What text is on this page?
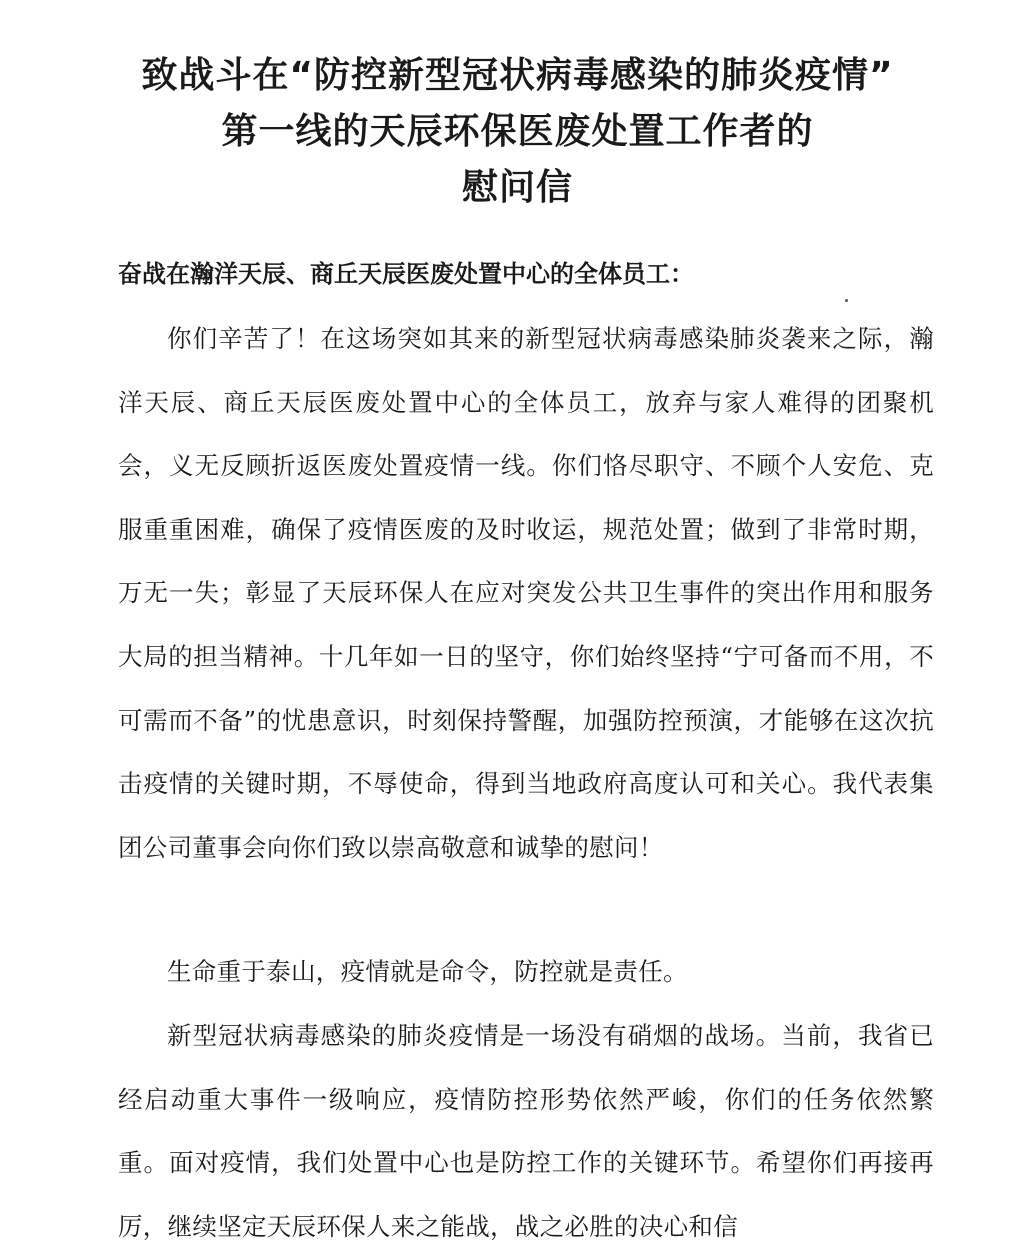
致战斗在“防控新型冠状病毒感染的肺炎疫情”
第一线的天辰环保医废处置工作者的
慰问信
奋战在瀚洋天辰、商丘天辰医废处置中心的全体员工：

你们辛苦了！在这场突如其来的新型冠状病毒感染肺炎袭来之际，瀚洋天辰、商丘天辰医废处置中心的全体员工，放弃与家人难得的团聚机会，义无反顾折返医废处置疫情一线。你们恪尽职守、不顾个人安危、克服重重困难，确保了疫情医废的及时收运，规范处置；做到了非常时期，万无一失；彰显了天辰环保人在应对突发公共卫生事件的突出作用和服务大局的担当精神。十几年如一日的坚守，你们始终坚持“宁可备而不用，不可需而不备”的忧患意识，时刻保持警醒，加强防控预演，才能够在这次抗击疫情的关键时期，不辱使命，得到当地政府高度认可和关心。我代表集团公司董事会向你们致以崇高敬意和诚挚的慰问！

生命重于泰山，疫情就是命令，防控就是责任。

新型冠状病毒感染的肺炎疫情是一场没有硝烟的战场。当前，我省已经启动重大事件一级响应，疫情防控形势依然严峻，你们的任务依然繁重。面对疫情，我们处置中心也是防控工作的关键环节。希望你们再接再厉，继续坚定天辰环保人来之能战，战之必胜的决心和信
